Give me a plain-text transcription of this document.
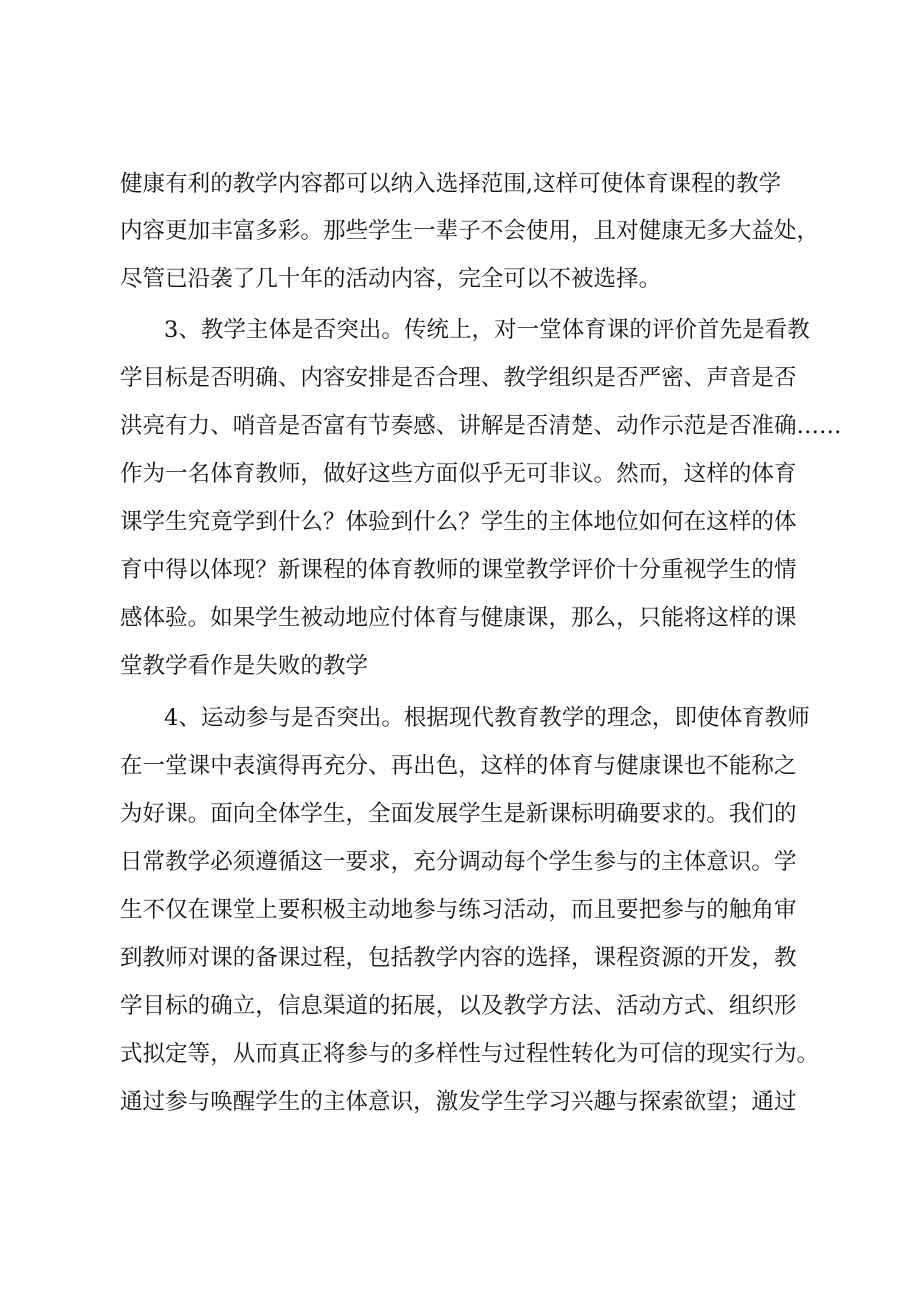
健康有利的教学内容都可以纳入选择范围,这样可使体育课程的教学
内容更加丰富多彩。那些学生一辈子不会使用，且对健康无多大益处，
尽管已沿袭了几十年的活动内容，完全可以不被选择。
3、教学主体是否突出。传统上，对一堂体育课的评价首先是看教
学目标是否明确、内容安排是否合理、教学组织是否严密、声音是否
洪亮有力、哨音是否富有节奏感、讲解是否清楚、动作示范是否准确……
作为一名体育教师，做好这些方面似乎无可非议。然而，这样的体育
课学生究竟学到什么？体验到什么？学生的主体地位如何在这样的体
育中得以体现？新课程的体育教师的课堂教学评价十分重视学生的情
感体验。如果学生被动地应付体育与健康课，那么，只能将这样的课
堂教学看作是失败的教学
4、运动参与是否突出。根据现代教育教学的理念，即使体育教师
在一堂课中表演得再充分、再出色，这样的体育与健康课也不能称之
为好课。面向全体学生，全面发展学生是新课标明确要求的。我们的
日常教学必须遵循这一要求，充分调动每个学生参与的主体意识。学
生不仅在课堂上要积极主动地参与练习活动，而且要把参与的触角审
到教师对课的备课过程，包括教学内容的选择，课程资源的开发，教
学目标的确立，信息渠道的拓展，以及教学方法、活动方式、组织形
式拟定等，从而真正将参与的多样性与过程性转化为可信的现实行为。
通过参与唤醒学生的主体意识，激发学生学习兴趣与探索欲望；通过
